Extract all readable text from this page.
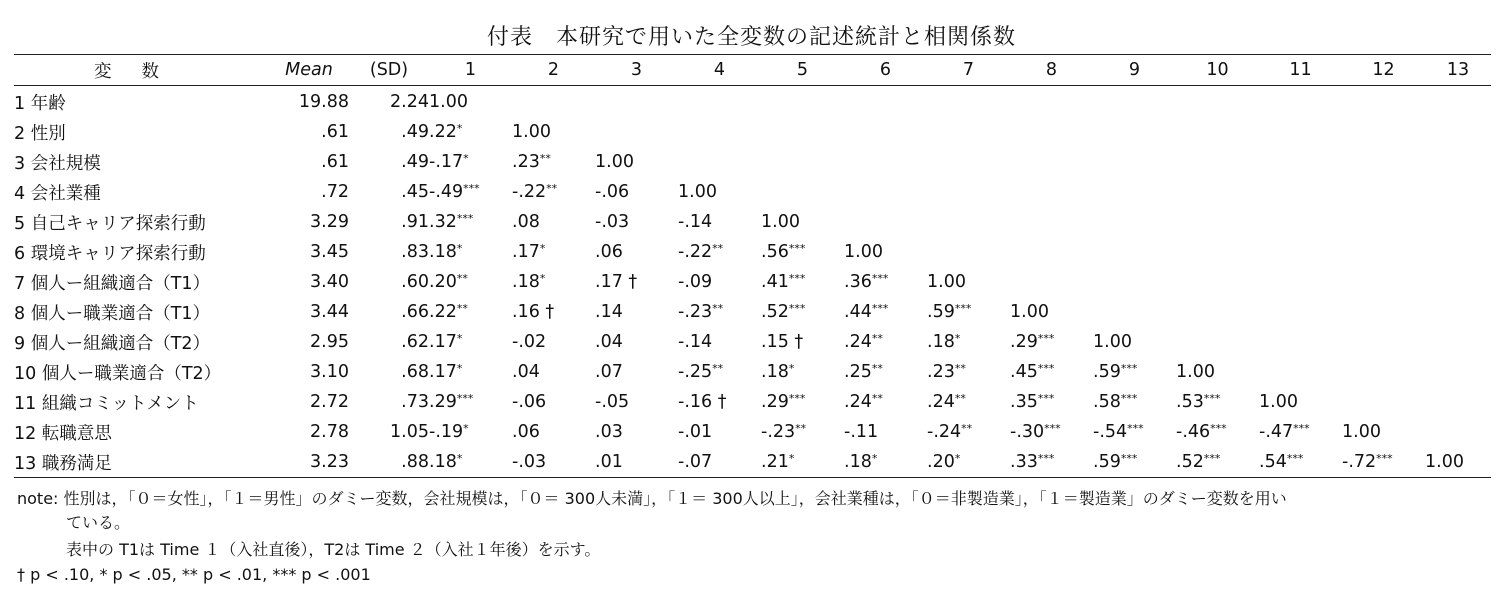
付表　本研究で用いた全変数の記述統計と相関係数
変数	Mean	(SD)	1	2	3	4	5	6	7	8	9	10	11	12	13
1 年齢	19.88	2.24	1.00												
2 性別	.61	.49	.22*	1.00											
3 会社規模	.61	.49	-.17*	.23**	1.00										
4 会社業種	.72	.45	-.49***	-.22**	-.06	1.00									
5 自己キャリア探索行動	3.29	.91	.32***	.08	-.03	-.14	1.00								
6 環境キャリア探索行動	3.45	.83	.18*	.17*	.06	-.22**	.56***	1.00							
7 個人ー組織適合（T1）	3.40	.60	.20**	.18*	.17 †	-.09	.41***	.36***	1.00						
8 個人ー職業適合（T1）	3.44	.66	.22**	.16 †	.14	-.23**	.52***	.44***	.59***	1.00					
9 個人ー組織適合（T2）	2.95	.62	.17*	-.02	.04	-.14	.15 †	.24**	.18*	.29***	1.00				
10 個人ー職業適合（T2）	3.10	.68	.17*	.04	.07	-.25**	.18*	.25**	.23**	.45***	.59***	1.00			
11 組織コミットメント	2.72	.73	.29***	-.06	-.05	-.16 †	.29***	.24**	.24**	.35***	.58***	.53***	1.00		
12 転職意思	2.78	1.05	-.19*	.06	.03	-.01	-.23**	-.11	-.24**	-.30***	-.54***	-.46***	-.47***	1.00	
13 職務満足	3.23	.88	.18*	-.03	.01	-.07	.21*	.18*	.20*	.33***	.59***	.52***	.54***	-.72***	1.00
note: 性別は，「０＝女性」，「１＝男性」のダミー変数，会社規模は，「０＝ 300人未満」，「１＝ 300人以上」，会社業種は，「０＝非製造業」，「１＝製造業」のダミー変数を用い
ている。
表中の T1は Time １（入社直後），T2は Time ２（入社１年後）を示す。
† p < .10, * p < .05, ** p < .01, *** p < .001
